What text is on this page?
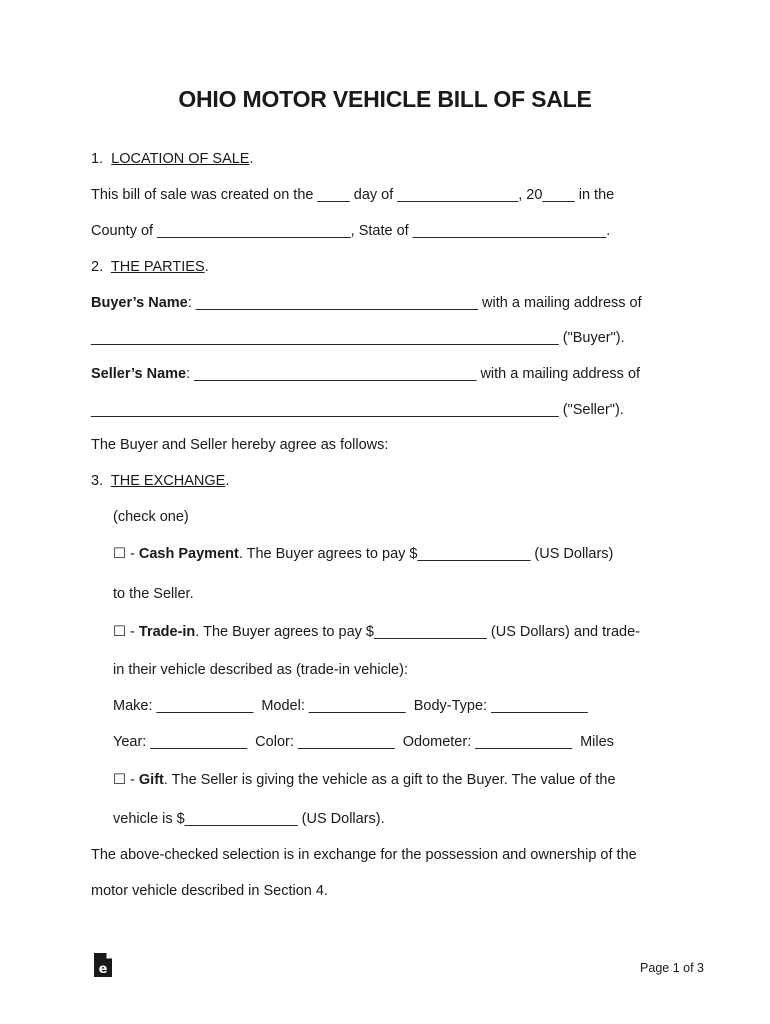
OHIO MOTOR VEHICLE BILL OF SALE
1. LOCATION OF SALE.
This bill of sale was created on the ____ day of _______________, 20____ in the
County of ________________________, State of ________________________.
2. THE PARTIES.
Buyer’s Name: ___________________________________ with a mailing address of
__________________________________________________________ ("Buyer").
Seller’s Name: ___________________________________ with a mailing address of
__________________________________________________________ ("Seller").
The Buyer and Seller hereby agree as follows:
3. THE EXCHANGE.
(check one)
☐ - Cash Payment. The Buyer agrees to pay $______________ (US Dollars)
to the Seller.
☐ - Trade-in. The Buyer agrees to pay $______________ (US Dollars) and trade-
in their vehicle described as (trade-in vehicle):
Make: ____________  Model: ____________  Body-Type: ____________
Year: ____________  Color: ____________  Odometer: ____________  Miles
☐ - Gift. The Seller is giving the vehicle as a gift to the Buyer. The value of the
vehicle is $______________ (US Dollars).
The above-checked selection is in exchange for the possession and ownership of the
motor vehicle described in Section 4.
e	Page 1 of 3
